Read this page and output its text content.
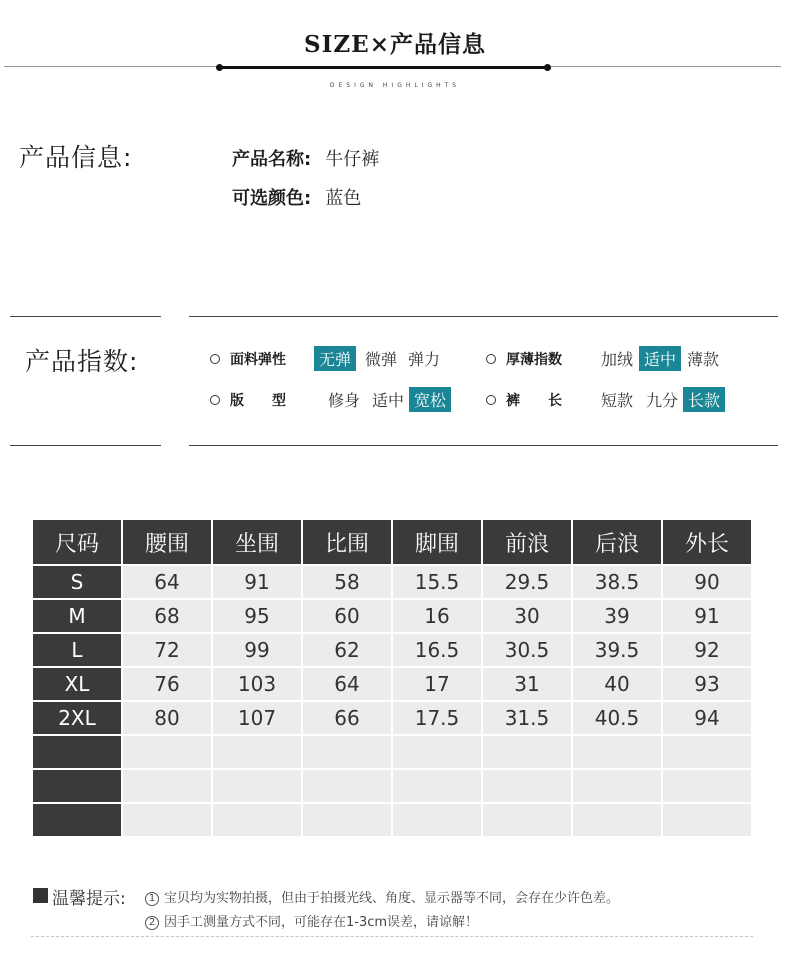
SIZE×产品信息
DESIGN HIGHLIGHTS
产品信息:	产品名称: 牛仔裤
可选颜色: 蓝色
产品指数:	面料弹性	无弹 微弹 弹力	厚薄指数	加绒 适中 薄款
版　　型	修身 适中 宽松	裤　　长	短款 九分 长款
尺码	腰围	坐围	比围	脚围	前浪	后浪	外长
S	64	91	58	15.5	29.5	38.5	90
M	68	95	60	16	30	39	91
L	72	99	62	16.5	30.5	39.5	92
XL	76	103	64	17	31	40	93
2XL	80	107	66	17.5	31.5	40.5	94

温馨提示:	1 宝贝均为实物拍摄，但由于拍摄光线、角度、显示器等不同，会存在少许色差。
2 因手工测量方式不同，可能存在1-3cm误差，请谅解！
